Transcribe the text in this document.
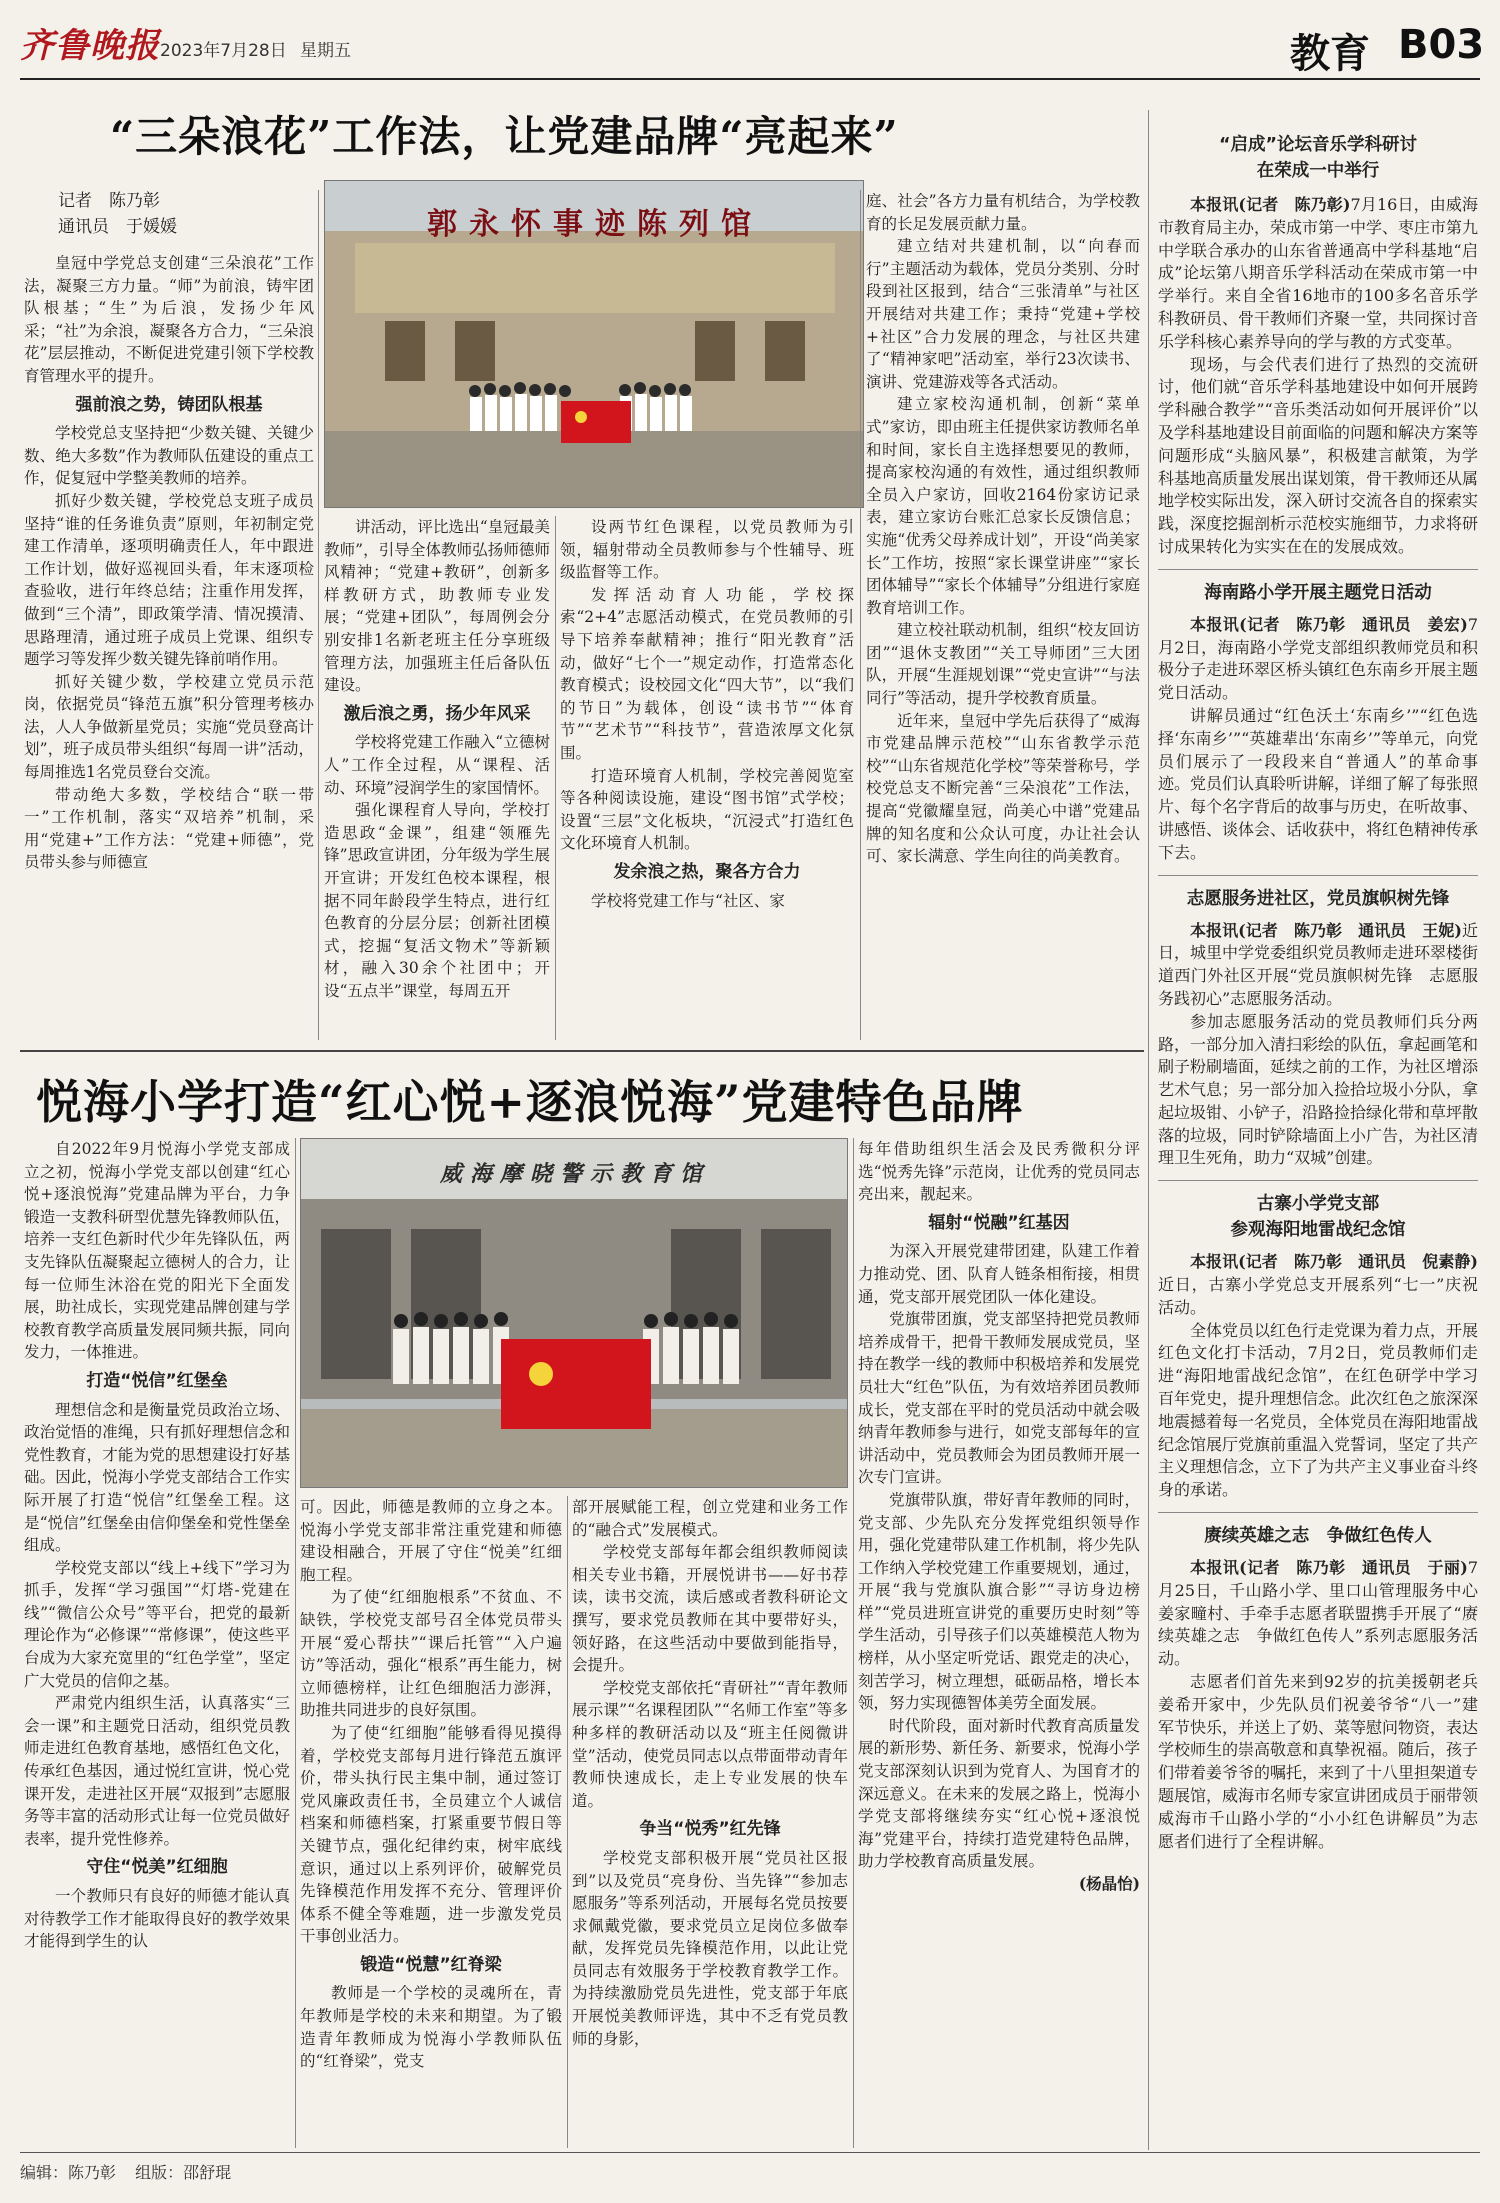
齐鲁晚报 2023年7月28日 星期五	教育 B03
“三朵浪花”工作法，让党建品牌“亮起来”
记者　陈乃彰
通讯员　于媛媛	郭永怀事迹陈列馆

皇冠中学党总支创建“三朵浪花”工作法，凝聚三方力量。“师”为前浪，铸牢团队根基；“生”为后浪，发扬少年风采；“社”为余浪，凝聚各方合力，“三朵浪花”层层推动，不断促进党建引领下学校教育管理水平的提升。

强前浪之势，铸团队根基

学校党总支坚持把“少数关键、关键少数、绝大多数”作为教师队伍建设的重点工作，促复冠中学整美教师的培养。

抓好少数关键，学校党总支班子成员坚持“谁的任务谁负责”原则，年初制定党建工作清单，逐项明确责任人，年中跟进工作计划，做好巡视回头看，年末逐项检查验收，进行年终总结；注重作用发挥，做到“三个清”，即政策学清、情况摸清、思路理清，通过班子成员上党课、组织专题学习等发挥少数关键先锋前哨作用。

抓好关键少数，学校建立党员示范岗，依据党员“锋范五旗”积分管理考核办法，人人争做新星党员；实施“党员登高计划”，班子成员带头组织“每周一讲”活动，每周推选1名党员登台交流。

带动绝大多数，学校结合“联一带一”工作机制，落实“双培养”机制，采用“党建+”工作方法：“党建+师德”，党员带头参与师德宣

讲活动，评比选出“皇冠最美教师”，引导全体教师弘扬师德师风精神；“党建+教研”，创新多样教研方式，助教师专业发展；“党建+团队”，每周例会分别安排1名新老班主任分享班级管理方法，加强班主任后备队伍建设。

激后浪之勇，扬少年风采

学校将党建工作融入“立德树人”工作全过程，从“课程、活动、环境”浸润学生的家国情怀。

强化课程育人导向，学校打造思政“金课”，组建“领雁先锋”思政宣讲团，分年级为学生展开宣讲；开发红色校本课程，根据不同年龄段学生特点，进行红色教育的分层分层；创新社团模式，挖掘“复活文物术”等新颖材，融入30余个社团中；开设“五点半”课堂，每周五开

设两节红色课程，以党员教师为引领，辐射带动全员教师参与个性辅导、班级监督等工作。

发挥活动育人功能，学校探索“2+4”志愿活动模式，在党员教师的引导下培养奉献精神；推行“阳光教育”活动，做好“七个一”规定动作，打造常态化教育模式；设校园文化“四大节”，以“我们的节日”为载体，创设“读书节”“体育节”“艺术节”“科技节”，营造浓厚文化氛围。

打造环境育人机制，学校完善阅览室等各种阅读设施，建设“图书馆”式学校；设置“三层”文化板块，“沉浸式”打造红色文化环境育人机制。

发余浪之热，聚各方合力

学校将党建工作与“社区、家

庭、社会”各方力量有机结合，为学校教育的长足发展贡献力量。

建立结对共建机制，以“向春而行”主题活动为载体，党员分类别、分时段到社区报到，结合“三张清单”与社区开展结对共建工作；秉持“党建+学校+社区”合力发展的理念，与社区共建了“精神家吧”活动室，举行23次读书、演讲、党建游戏等各式活动。

建立家校沟通机制，创新“菜单式”家访，即由班主任提供家访教师名单和时间，家长自主选择想要见的教师，提高家校沟通的有效性，通过组织教师全员入户家访，回收2164份家访记录表，建立家访台账汇总家长反馈信息；实施“优秀父母养成计划”，开设“尚美家长”工作坊，按照“家长课堂讲座”“家长团体辅导”“家长个体辅导”分组进行家庭教育培训工作。

建立校社联动机制，组织“校友回访团”“退休支教团”“关工导师团”三大团队，开展“生涯规划课”“党史宣讲”“与法同行”等活动，提升学校教育质量。

近年来，皇冠中学先后获得了“威海市党建品牌示范校”“山东省教学示范校”“山东省规范化学校”等荣誉称号，学校党总支不断完善“三朵浪花”工作法，提高“党徽耀皇冠，尚美心中谱”党建品牌的知名度和公众认可度，办让社会认可、家长满意、学生向往的尚美教育。

悦海小学打造“红心悦+逐浪悦海”党建特色品牌
威海摩晓警示教育馆

自2022年9月悦海小学党支部成立之初，悦海小学党支部以创建“红心悦+逐浪悦海”党建品牌为平台，力争锻造一支教科研型优慧先锋教师队伍，培养一支红色新时代少年先锋队伍，两支先锋队伍凝聚起立德树人的合力，让每一位师生沐浴在党的阳光下全面发展，助社成长，实现党建品牌创建与学校教育教学高质量发展同频共振，同向发力，一体推进。

打造“悦信”红堡垒

理想信念和是衡量党员政治立场、政治觉悟的准绳，只有抓好理想信念和党性教育，才能为党的思想建设打好基础。因此，悦海小学党支部结合工作实际开展了打造“悦信”红堡垒工程。这是“悦信”红堡垒由信仰堡垒和党性堡垒组成。

学校党支部以“线上+线下”学习为抓手，发挥“学习强国”“灯塔-党建在线”“微信公众号”等平台，把党的最新理论作为“必修课”“常修课”，使这些平台成为大家充宽里的“红色学堂”，坚定广大党员的信仰之基。

严肃党内组织生活，认真落实“三会一课”和主题党日活动，组织党员教师走进红色教育基地，感悟红色文化，传承红色基因，通过悦红宣讲，悦心党课开发，走进社区开展“双报到”志愿服务等丰富的活动形式让每一位党员做好表率，提升党性修养。

守住“悦美”红细胞

一个教师只有良好的师德才能认真对待教学工作才能取得良好的教学效果才能得到学生的认

可。因此，师德是教师的立身之本。悦海小学党支部非常注重党建和师德建设相融合，开展了守住“悦美”红细胞工程。

为了使“红细胞根系”不贫血、不缺铁，学校党支部号召全体党员带头开展“爱心帮扶”“课后托管”“入户遍访”等活动，强化“根系”再生能力，树立师德榜样，让红色细胞活力澎湃，助推共同进步的良好氛围。

为了使“红细胞”能够看得见摸得着，学校党支部每月进行锋范五旗评价，带头执行民主集中制，通过签订党风廉政责任书，全员建立个人诚信档案和师德档案，打紧重要节假日等关键节点，强化纪律约束，树牢底线意识，通过以上系列评价，破解党员先锋模范作用发挥不充分、管理评价体系不健全等难题，进一步激发党员干事创业活力。

锻造“悦慧”红脊梁

教师是一个学校的灵魂所在，青年教师是学校的未来和期望。为了锻造青年教师成为悦海小学教师队伍的“红脊梁”，党支

部开展赋能工程，创立党建和业务工作的“融合式”发展模式。

学校党支部每年都会组织教师阅读相关专业书籍，开展悦讲书——好书荐读，读书交流，读后感或者教科研论文撰写，要求党员教师在其中要带好头，领好路，在这些活动中要做到能指导，会提升。

学校党支部依托“青研社”“青年教师展示课”“名课程团队”“名师工作室”等多种多样的教研活动以及“班主任阅微讲堂”活动，使党员同志以点带面带动青年教师快速成长，走上专业发展的快车道。

争当“悦秀”红先锋

学校党支部积极开展“党员社区报到”以及党员“亮身份、当先锋”“参加志愿服务”等系列活动，开展每名党员按要求佩戴党徽，要求党员立足岗位多做奉献，发挥党员先锋模范作用，以此让党员同志有效服务于学校教育教学工作。为持续激励党员先进性，党支部于年底开展悦美教师评选，其中不乏有党员教师的身影，

每年借助组织生活会及民秀微积分评选“悦秀先锋”示范岗，让优秀的党员同志亮出来，靓起来。

辐射“悦融”红基因

为深入开展党建带团建，队建工作着力推动党、团、队育人链条相衔接，相贯通，党支部开展党团队一体化建设。

党旗带团旗，党支部坚持把党员教师培养成骨干，把骨干教师发展成党员，坚持在教学一线的教师中积极培养和发展党员壮大“红色”队伍，为有效培养团员教师成长，党支部在平时的党员活动中就会吸纳青年教师参与进行，如党支部每年的宣讲活动中，党员教师会为团员教师开展一次专门宣讲。

党旗带队旗，带好青年教师的同时，党支部、少先队充分发挥党组织领导作用，强化党建带队建工作机制，将少先队工作纳入学校党建工作重要规划，通过，开展“我与党旗队旗合影”“寻访身边榜样”“党员进班宣讲党的重要历史时刻”等学生活动，引导孩子们以英雄模范人物为榜样，从小坚定听党话、跟党走的决心，刻苦学习，树立理想，砥砺品格，增长本领，努力实现德智体美劳全面发展。

时代阶段，面对新时代教育高质量发展的新形势、新任务、新要求，悦海小学党支部深刻认识到为党育人、为国育才的深远意义。在未来的发展之路上，悦海小学党支部将继续夯实“红心悦+逐浪悦海”党建平台，持续打造党建特色品牌，助力学校教育高质量发展。

(杨晶怡)
“启成”论坛音乐学科研讨
在荣成一中举行

本报讯(记者　陈乃彰)7月16日，由威海市教育局主办，荣成市第一中学、枣庄市第九中学联合承办的山东省普通高中学科基地“启成”论坛第八期音乐学科活动在荣成市第一中学举行。来自全省16地市的100多名音乐学科教研员、骨干教师们齐聚一堂，共同探讨音乐学科核心素养导向的学与教的方式变革。

现场，与会代表们进行了热烈的交流研讨，他们就“音乐学科基地建设中如何开展跨学科融合教学”“音乐类活动如何开展评价”以及学科基地建设目前面临的问题和解决方案等问题形成“头脑风暴”，积极建言献策，为学科基地高质量发展出谋划策，骨干教师还从属地学校实际出发，深入研讨交流各自的探索实践，深度挖掘剖析示范校实施细节，力求将研讨成果转化为实实在在的发展成效。

海南路小学开展主题党日活动

本报讯(记者　陈乃彰　通讯员　姜宏)7月2日，海南路小学党支部组织教师党员和积极分子走进环翠区桥头镇红色东南乡开展主题党日活动。

讲解员通过“红色沃土‘东南乡’”“红色选择‘东南乡’”“英雄辈出‘东南乡’”等单元，向党员们展示了一段段来自“普通人”的革命事迹。党员们认真聆听讲解，详细了解了每张照片、每个名字背后的故事与历史，在听故事、讲感悟、谈体会、话收获中，将红色精神传承下去。

志愿服务进社区，党员旗帜树先锋

本报讯(记者　陈乃彰　通讯员　王妮)近日，城里中学党委组织党员教师走进环翠楼街道西门外社区开展“党员旗帜树先锋　志愿服务践初心”志愿服务活动。

参加志愿服务活动的党员教师们兵分两路，一部分加入清扫彩绘的队伍，拿起画笔和刷子粉刷墙面，延续之前的工作，为社区增添艺术气息；另一部分加入捡拾垃圾小分队，拿起垃圾钳、小铲子，沿路捡拾绿化带和草坪散落的垃圾，同时铲除墙面上小广告，为社区清理卫生死角，助力“双城”创建。

古寨小学党支部
参观海阳地雷战纪念馆

本报讯(记者　陈乃彰　通讯员　倪素静)近日，古寨小学党总支开展系列“七一”庆祝活动。

全体党员以红色行走党课为着力点，开展红色文化打卡活动，7月2日，党员教师们走进“海阳地雷战纪念馆”，在红色研学中学习百年党史，提升理想信念。此次红色之旅深深地震撼着每一名党员，全体党员在海阳地雷战纪念馆展厅党旗前重温入党誓词，坚定了共产主义理想信念，立下了为共产主义事业奋斗终身的承诺。

赓续英雄之志　争做红色传人

本报讯(记者　陈乃彰　通讯员　于丽)7月25日，千山路小学、里口山管理服务中心姜家疃村、手牵手志愿者联盟携手开展了“赓续英雄之志　争做红色传人”系列志愿服务活动。

志愿者们首先来到92岁的抗美援朝老兵姜希开家中，少先队员们祝姜爷爷“八一”建军节快乐，并送上了奶、菜等慰问物资，表达学校师生的崇高敬意和真挚祝福。随后，孩子们带着姜爷爷的嘱托，来到了十八里担架道专题展馆，威海市名师专家宣讲团成员于丽带领威海市千山路小学的“小小红色讲解员”为志愿者们进行了全程讲解。

编辑：陈乃彰 组版：邵舒琨
